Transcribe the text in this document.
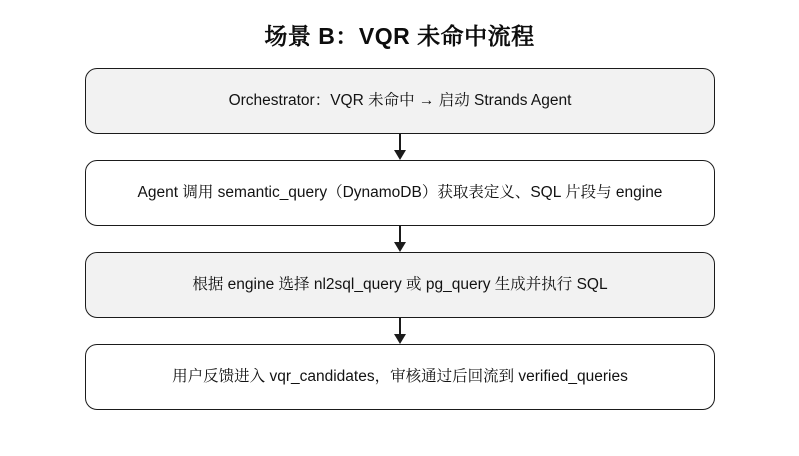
场景 B：VQR 未命中流程
Orchestrator：VQR 未命中 → 启动 Strands Agent
Agent 调用 semantic_query（DynamoDB）获取表定义、SQL 片段与 engine
根据 engine 选择 nl2sql_query 或 pg_query 生成并执行 SQL
用户反馈进入 vqr_candidates，审核通过后回流到 verified_queries
